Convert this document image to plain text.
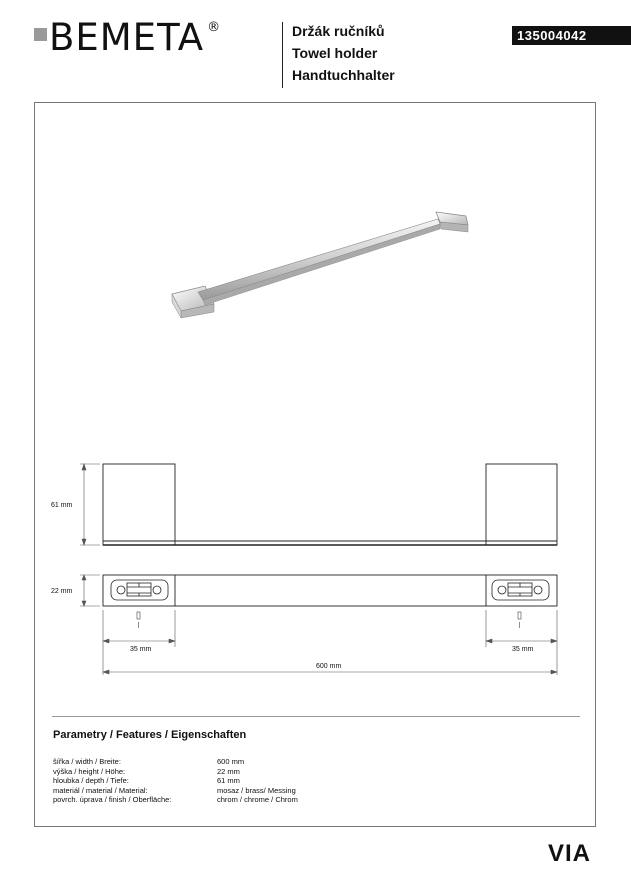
BEMETA ®	Držák ručníků
Towel holder
Handtuchhalter
135004042
61 mm
22 mm
35 mm	35 mm
600 mm
Parametry / Features / Eigenschaften
šířka / width / Breite:
výška / height / Höhe:
hloubka / depth / Tiefe:
materiál / material / Material:
povrch. úprava / finish / Oberfläche:
600 mm
22 mm
61 mm
mosaz / brass/ Messing
chrom / chrome / Chrom
VIA
